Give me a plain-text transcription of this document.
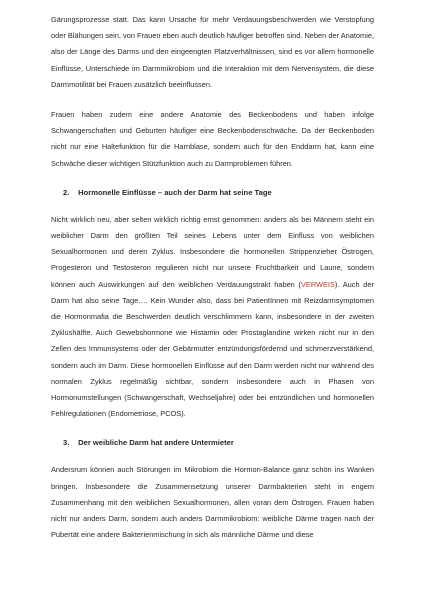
Gärungsprozesse statt. Das kann Ursache für mehr Verdauungsbeschwerden wie Verstopfung oder Blähungen sein, von Frauen eben auch deutlich häufiger betroffen sind. Neben der Anatomie, also der Länge des Darms und den eingeengten Platzverhältnissen, sind es vor allem hormonelle Einflüsse, Unterschiede im Darmmikrobiom und die Interaktion mit dem Nervensystem, die diese Darmmotilität bei Frauen zusätzlich beeinflussen.

Frauen haben zudem eine andere Anatomie des Beckenbodens und haben infolge Schwangerschaften und Geburten häufiger eine Beckenbodenschwäche. Da der Beckenboden nicht nur eine Haltefunktion für die Harnblase, sondern auch für den Enddarm hat, kann eine Schwäche dieser wichtigen Stützfunktion auch zu Darmproblemen führen.

2. Hormonelle Einflüsse – auch der Darm hat seine Tage

Nicht wirklich neu, aber selten wirklich richtig ernst genommen: anders als bei Männern steht ein weiblicher Darm den größten Teil seines Lebens unter dem Einfluss von weiblichen Sexualhormonen und deren Zyklus. Insbesondere die hormonellen Strippenzieher Östrogen, Progesteron und Testosteron regulieren nicht nur unsere Fruchtbarkeit und Laune, sondern können auch Auswirkungen auf den weiblichen Verdauungstrakt haben (VERWEIS). Auch der Darm hat also seine Tage…. Kein Wunder also, dass bei PatientInnen mit Reizdarmsymptomen die Hormonmafia die Beschwerden deutlich verschlimmern kann, insbesondere in der zweiten Zyklushälfte. Auch Gewebshormone wie Histamin oder Prostaglandine wirken nicht nur in den Zellen des Immunsystems oder der Gebärmutter entzündungsfördernd und schmerzverstärkend, sondern auch im Darm. Diese hormonellen Einflüsse auf den Darm werden nicht nur während des normalen Zyklus regelmäßig sichtbar, sondern insbesondere auch in Phasen von Hormonumstellungen (Schwangerschaft, Wechseljahre) oder bei entzündlichen und hormonellen Fehlregulationen (Endometriose, PCOS).

3. Der weibliche Darm hat andere Untermieter

Andersrum können auch Störungen im Mikrobiom die Hormon-Balance ganz schön ins Wanken bringen. Insbesondere die Zusammensetzung unserer Darmbakterien steht in engem Zusammenhang mit den weiblichen Sexualhormonen, allen voran dem Östrogen. Frauen haben nicht nur anders Darm, sondern auch anders Darmmikrobiom: weibliche Därme tragen nach der Pubertät eine andere Bakterienmischung in sich als männliche Därme und diese
